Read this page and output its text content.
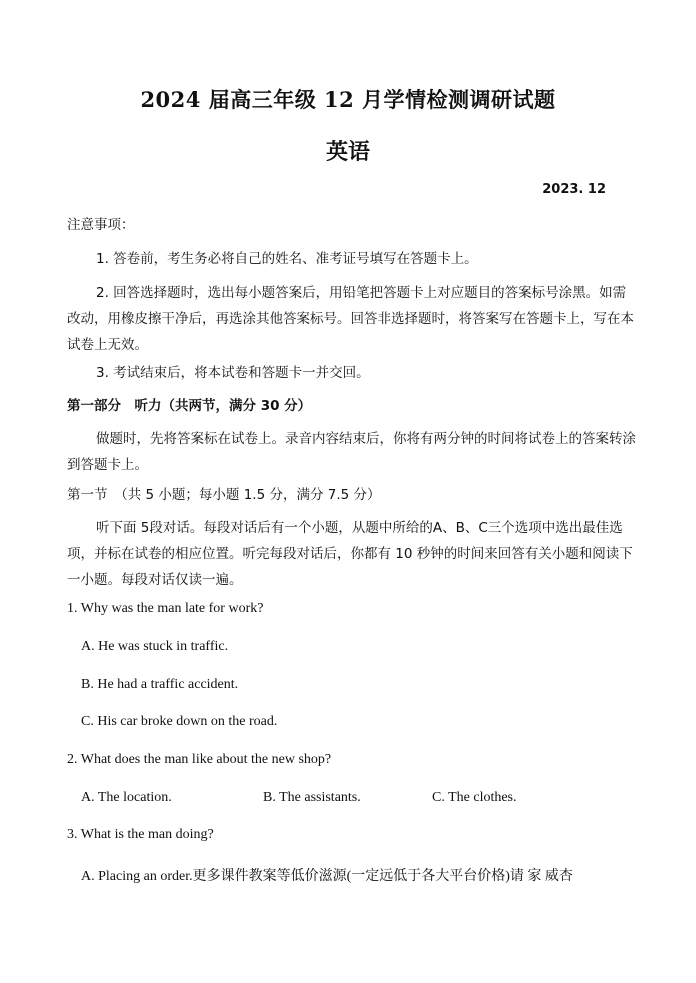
2024 届高三年级 12 月学情检测调研试题
英语
2023. 12
注意事项：
1. 答卷前，考生务必将自己的姓名、准考证号填写在答题卡上。
2. 回答选择题时，选出每小题答案后，用铅笔把答题卡上对应题目的答案标号涂黑。如需改动，用橡皮擦干净后，再选涂其他答案标号。回答非选择题时，将答案写在答题卡上，写在本试卷上无效。
3. 考试结束后，将本试卷和答题卡一并交回。
第一部分　听力（共两节，满分 30 分）
做题时，先将答案标在试卷上。录音内容结束后，你将有两分钟的时间将试卷上的答案转涂到答题卡上。
第一节　（共 5 小题；每小题 1.5 分，满分 7.5 分）
听下面 5段对话。每段对话后有一个小题，从题中所给的A、B、C三个选项中选出最佳选项，并标在试卷的相应位置。听完每段对话后，你都有 10 秒钟的时间来回答有关小题和阅读下一小题。每段对话仅读一遍。
1. Why was the man late for work?
A. He was stuck in traffic.
B. He had a traffic accident.
C. His car broke down on the road.
2. What does the man like about the new shop?
A. The location.	B. The assistants.	C. The clothes.
3. What is the man doing?
A. Placing an order.更多课件教案等低价滋源(一定远低于各大平台价格)请 家 威杏
